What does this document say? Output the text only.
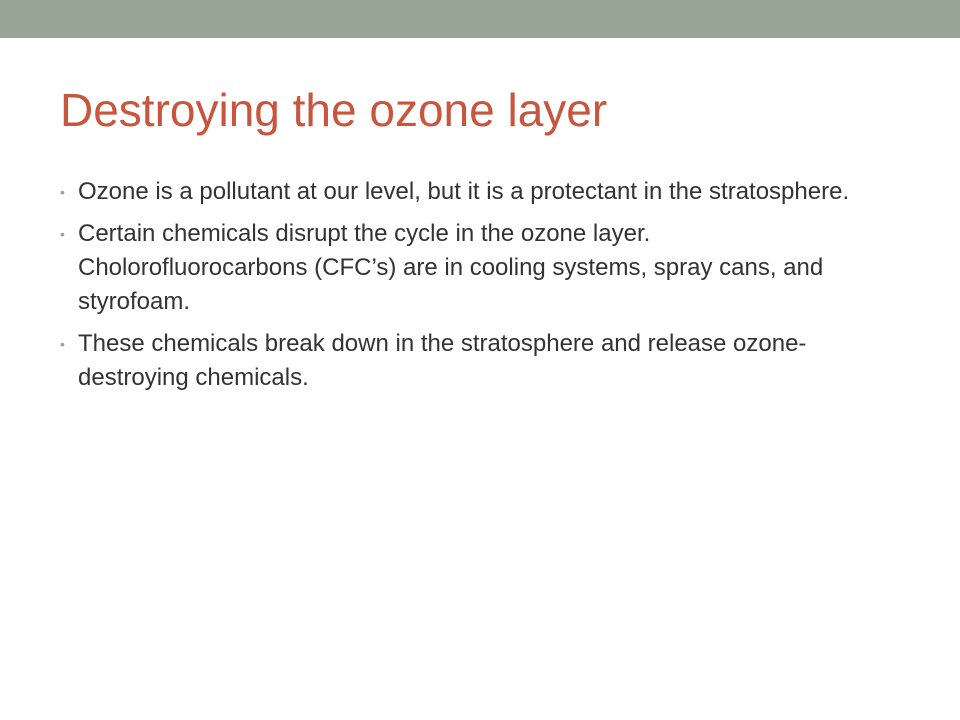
Destroying the ozone layer
• Ozone is a pollutant at our level, but it is a protectant in the stratosphere.
• Certain chemicals disrupt the cycle in the ozone layer. Cholorofluorocarbons (CFC’s) are in cooling systems, spray cans, and styrofoam.
• These chemicals break down in the stratosphere and release ozone-destroying chemicals.
